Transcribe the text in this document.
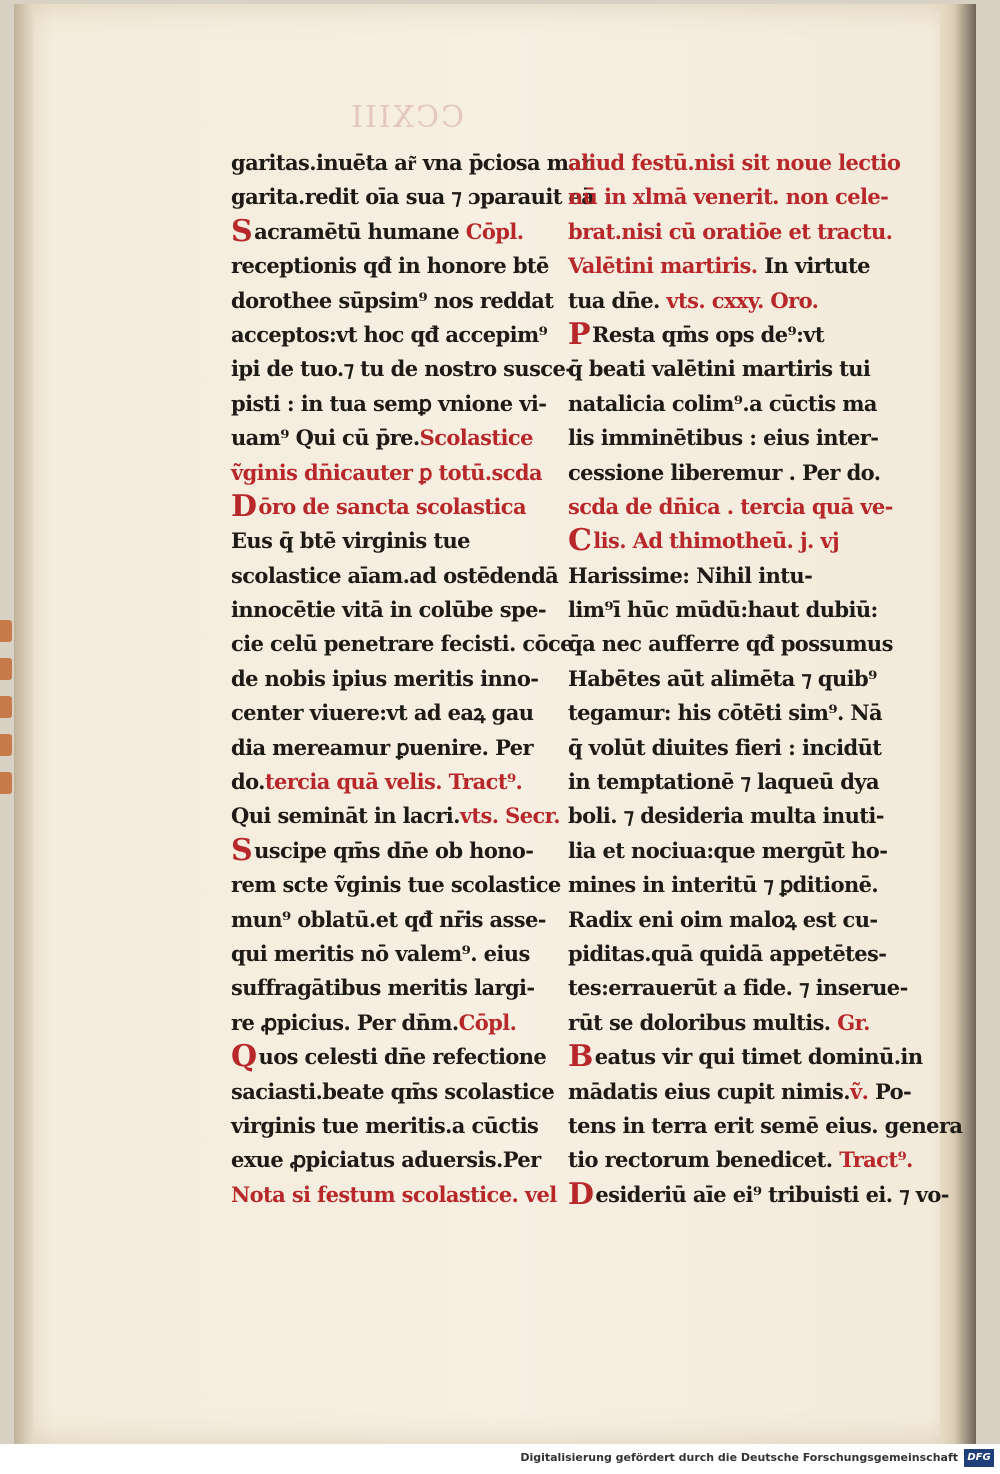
CCXIII
garitas.inuēta ar͂ vna p̄ciosa mar
garita.redit oīa sua ⁊ ɔparauit eā
Sacramētū humane Cōpl.
receptionis qđ in honore btē
dorothee sūpsim⁹ nos reddat
acceptos:vt hoc qđ accepim⁹
ipi de tuo.⁊ tu de nostro susce-
pisti : in tua semꝑ vnione vi-
uam⁹ Qui cū p̄re.Scolastice
ṽginis dn̄icauter ꝑ totū.scda
Dōro de sancta scolastica
Eus q̄ btē virginis tue
scolastice aīam.ad ostēdendā
innocētie vitā in colūbe spe-
cie celū penetrare fecisti. cōce
de nobis ipius meritis inno-
center viuere:vt ad eaꝝ gau
dia mereamur ꝑuenire. Per
do.tercia quā velis. Tract⁹.
Qui semināt in lacri.vts. Secr.
Suscipe qm̄s dn̄e ob hono-
rem scte ṽginis tue scolastice
mun⁹ oblatū.et qđ nr̄is asse-
qui meritis nō valem⁹. eius
suffragātibus meritis largi-
re ꝓpicius. Per dn̄m.Cōpl.
Quos celesti dn̄e refectione
saciasti.beate qm̄s scolastice
virginis tue meritis.a cūctis
exue ꝓpiciatus aduersis.Per
Nota si festum scolastice. vel
aliud festū.nisi sit noue lectio
nū in xlmā venerit. non cele-
brat.nisi cū oratiōe et tractu.
Valētini martiris. In virtute
tua dn̄e. vts. cxxy. Oro.
PResta qm̄s ops de⁹:vt
q̄ beati valētini martiris tui
natalicia colim⁹.a cūctis ma
lis imminētibus : eius inter-
cessione liberemur . Per do.
scda de dn̄ica . tercia quā ve-
Clis. Ad thimotheū. j. vj
Harissime: Nihil intu-
lim⁹ī hūc mūdū:haut dubiū:
q̄a nec aufferre qđ possumus
Habētes aūt alimēta ⁊ quib⁹
tegamur: his cōtēti sim⁹. Nā
q̄ volūt diuites fieri : incidūt
in temptationē ⁊ laqueū dya
boli. ⁊ desideria multa inuti-
lia et nociua:que mergūt ho-
mines in interitū ⁊ ꝑditionē.
Radix eni oim maloꝝ est cu-
piditas.quā quidā appetētes-
tes:errauerūt a fide. ⁊ inserue-
rūt se doloribus multis. Gr.
Beatus vir qui timet dominū.in
mādatis eius cupit nimis.ṽ. Po-
tens in terra erit semē eius. genera
tio rectorum benedicet. Tract⁹.
Desideriū aīe ei⁹ tribuisti ei. ⁊ vo-
Digitalisierung gefördert durch die Deutsche Forschungsgemeinschaft DFG
